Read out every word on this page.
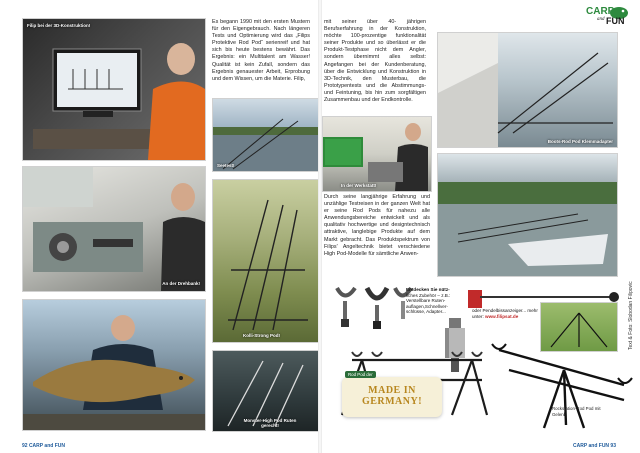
Filip bei der 3D-Konstruktion!
An der Drehbank!
Es begann 1990 mit den ersten Mustern für den Eigengebrauch. Nach längeren Tests und Optimierung wird das „Filips Protektive Rod Pod“ serienreif und hat sich bis heute bestens bewährt. Das Ergebnis: ein Multitalent am Wasser! Qualität ist kein Zufall, sondern das Ergebnis genauester Arbeit, Erprobung und dem Wissen, um die Materie. Filip,
Seetest!
Kolli-Strong Pod!
Monster-High Pod Ruten gerecht!
92 CARP and FUN
CARP
and FUN
mit seiner über 40- jährigen Berufserfahrung in der Konstruktion, möchte 100-prozentige funktionalität seiner Produkte und so überlässt er die Produkt-Testphase nicht dem Angler, sondern übernimmt alles selbst: Angefangen bei der Kundenberatung, über die Entwicklung und Konstruktion in 3D-Technik, den Musterbau, die Prototypentests und die Abstimmungs- und Feintuning, bis hin zum sorgfältigen Zusammenbau und der Endkontrolle.
In der Werkstatt!
Boots-Rod Pod Klemmadapter
Durch seine langjährige Erfahrung und unzählige Testreisen in der ganzen Welt hat er seine Rod Pods für nahezu alle Anwendungsbereiche entwickelt und als qualitativ hochwertige und designtechnisch attraktive, langlebige Produkte auf dem Markt gebracht. Das Produktspektrum von Filips' Angeltechnik bietet verschiedene High Pod-Modelle für sämtliche Anwen-
Text & Foto: Slobodan Filipovic
Entdecken Sie nütz-
liches Zubehör – z.B.: Verstellbare Ruten-auflagen,Schnellver-schlüsse, Adapter...	oder Pendelbissanzeiger... mehr unter: www.filipsat.de
Rod Pod der
MADE IN
GERMANY!
Rockstation-Rod Pod mit Gelenk
CARP and FUN 93
